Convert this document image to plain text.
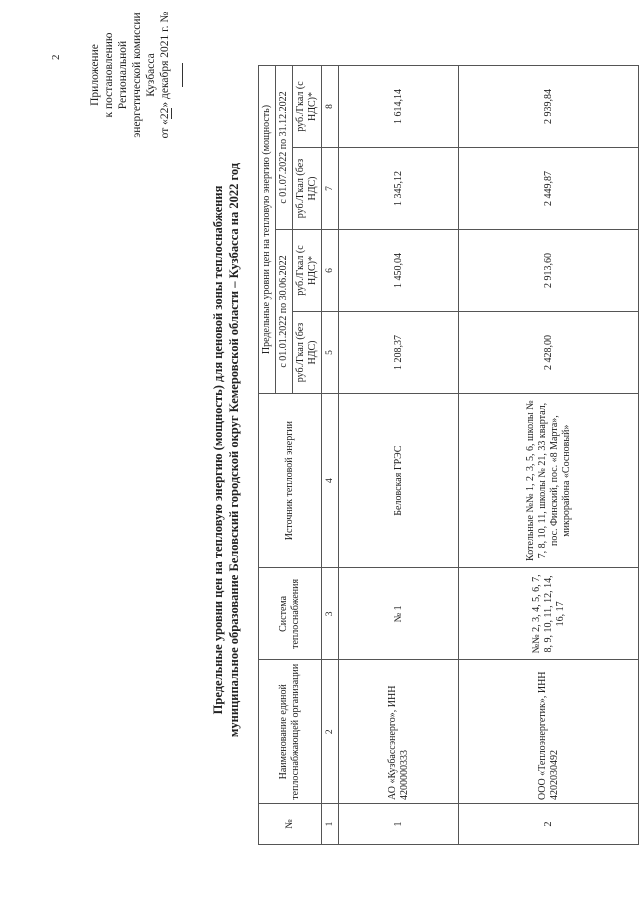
2 Приложение к постановлению Региональной энергетической комиссии Кузбасса
от «22» декабря 2021 г. №
Предельные уровни цен на тепловую энергию (мощность) для ценовой зоны теплоснабжения муниципальное образование Беловский городской округ Кемеровской области – Кузбасса на 2022 год
№	Наименование единой теплоснабжающей организации	Система теплоснабжения	Источник тепловой энергии	Предельные уровни цен на тепловую энергию (мощность)			
				с 01.01.2022 по 30.06.2022		с 01.07.2022 по 31.12.2022	
				руб./Гкал (без НДС)	руб./Гкал (с НДС)*	руб./Гкал (без НДС)	руб./Гкал (с НДС)*
1	2	3	4	5	6	7	8
1	АО «Кузбассэнерго», ИНН 4200000333	№ 1	Беловская ГРЭС	1 208,37	1 450,04	1 345,12	1 614,14
2	ООО «Теплоэнергетик», ИНН 4202030492	№№ 2, 3, 4, 5, 6, 7, 8, 9, 10, 11, 12, 14, 16, 17	Котельные №№ 1, 2, 3, 5, 6, школы № 7, 8, 10, 11, школы № 21, 33 квартал, пос. Финский, пос. «8 Марта», микрорайона «Сосновый»	2 428,00	2 913,60	2 449,87	2 939,84
